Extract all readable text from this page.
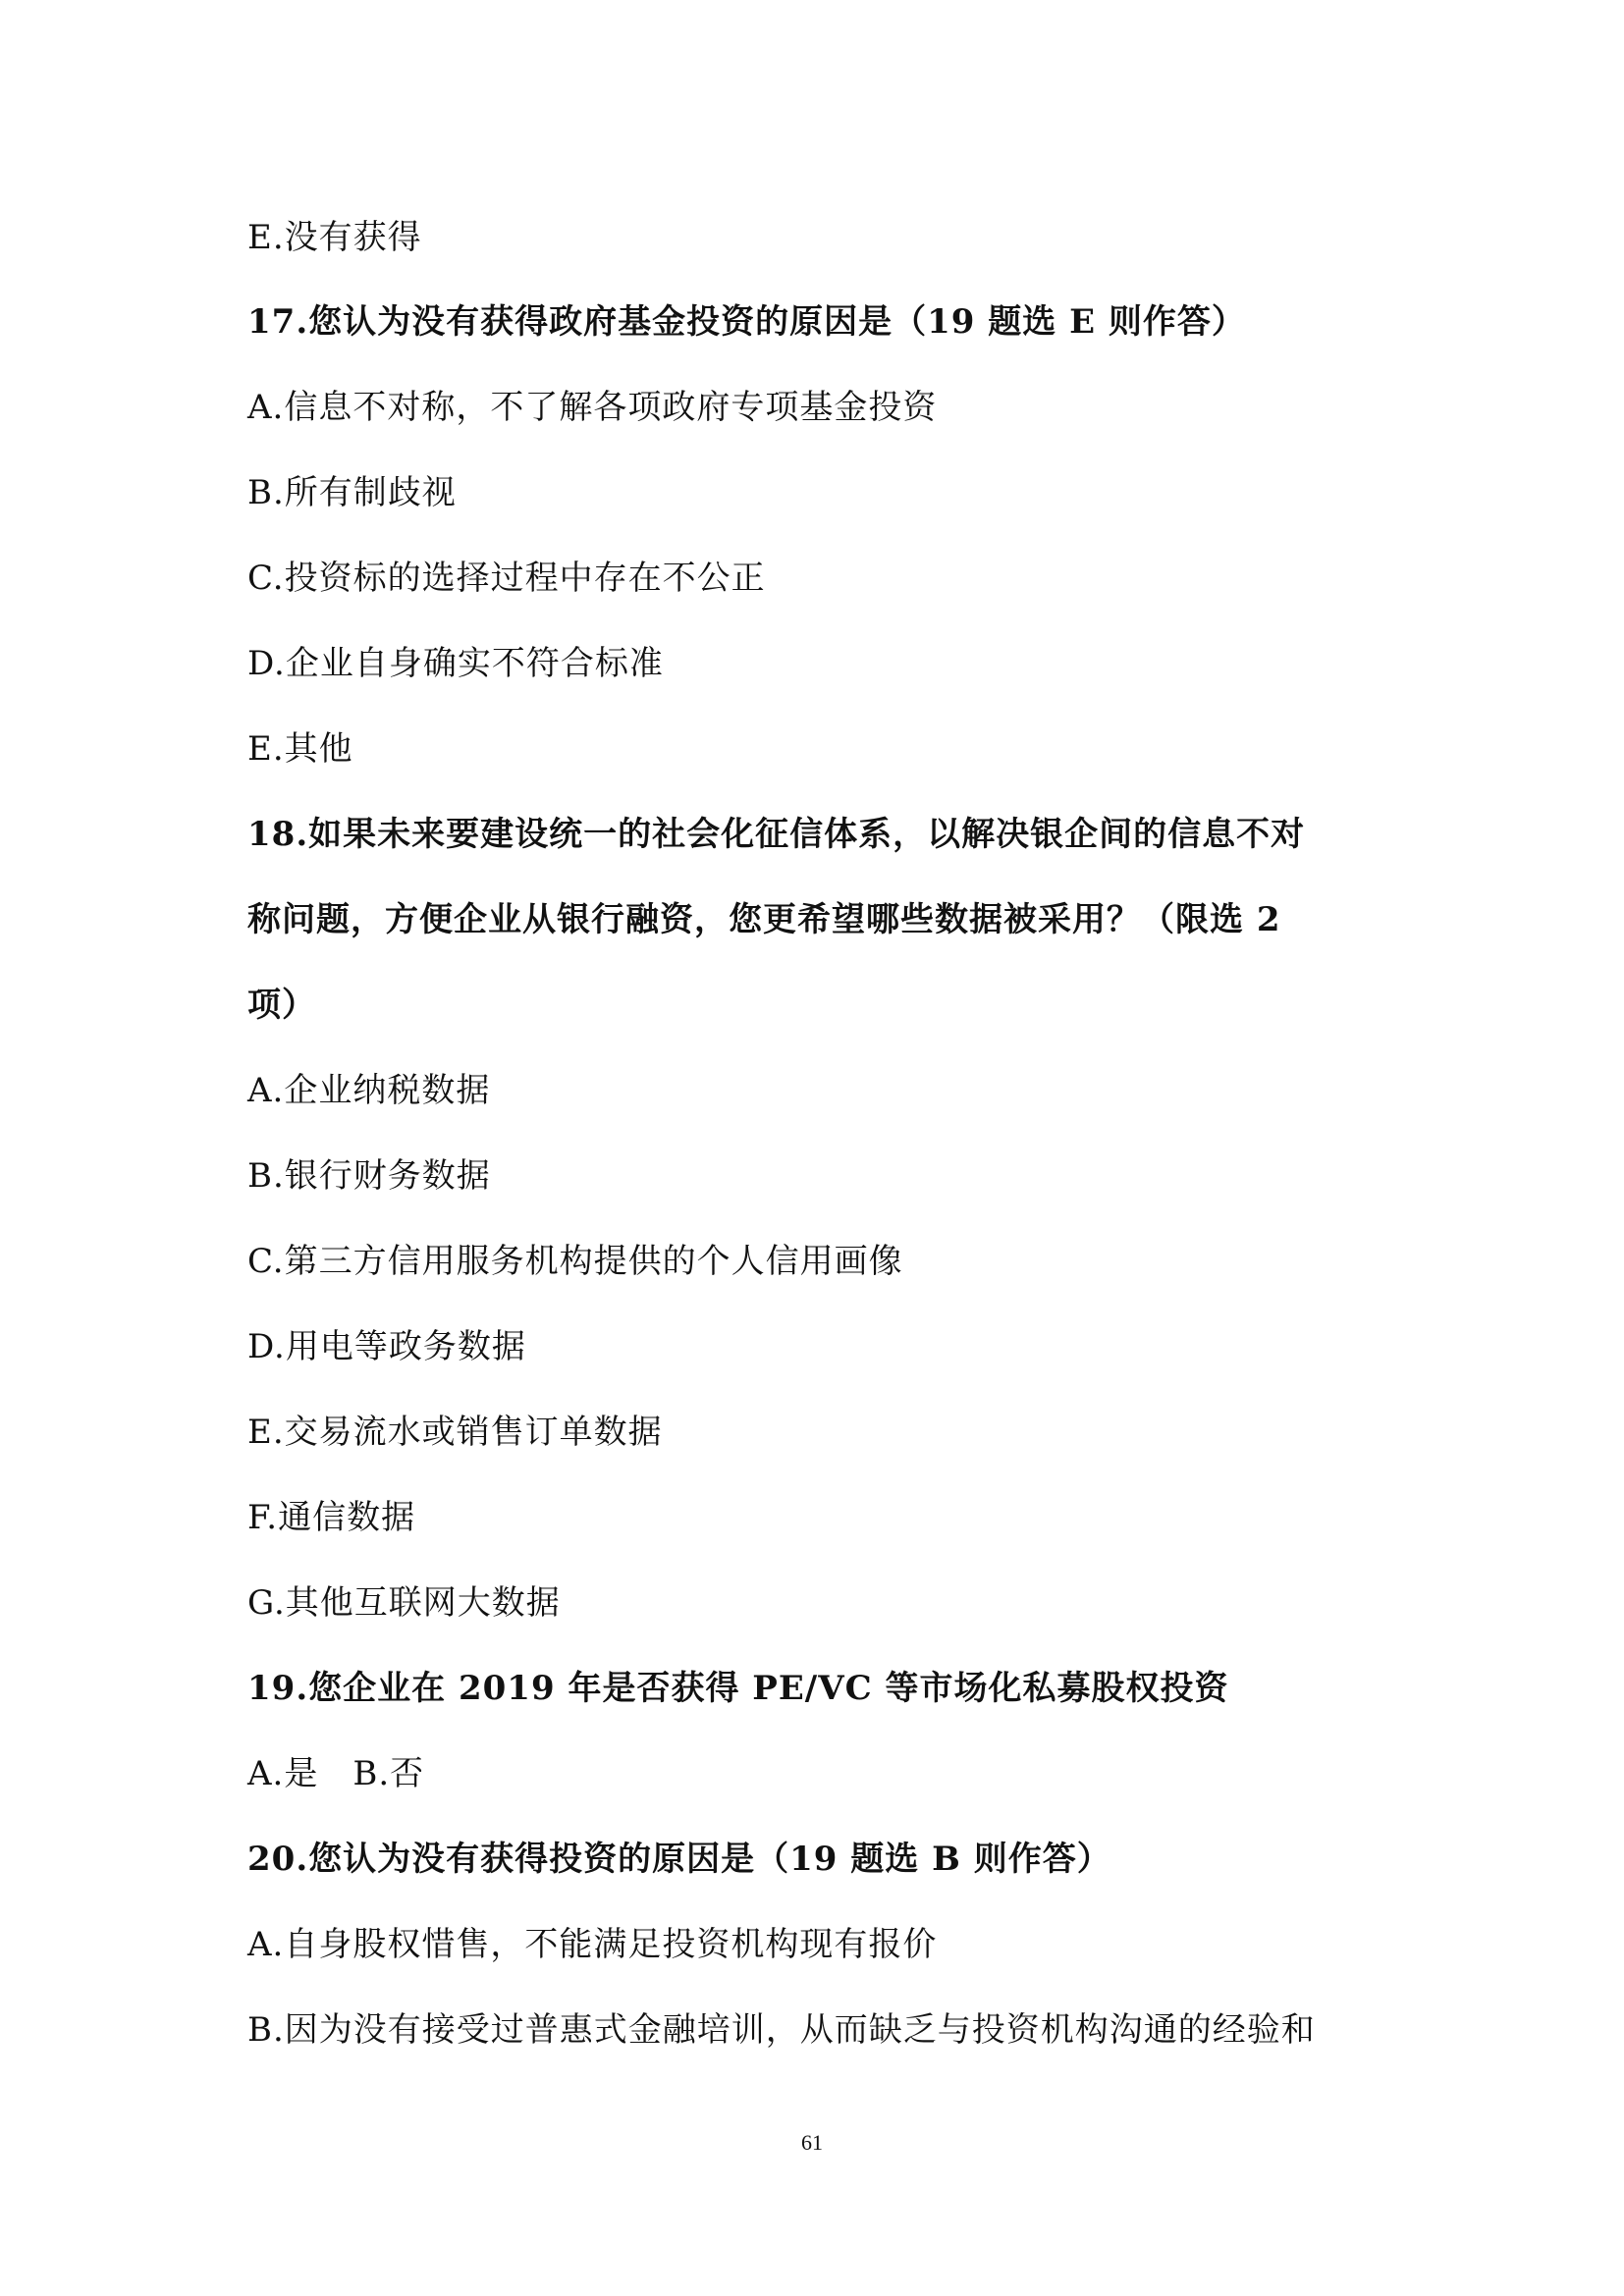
E.没有获得
17.您认为没有获得政府基金投资的原因是（19 题选 E 则作答）
A.信息不对称，不了解各项政府专项基金投资
B.所有制歧视
C.投资标的选择过程中存在不公正
D.企业自身确实不符合标准
E.其他
18.如果未来要建设统一的社会化征信体系，以解决银企间的信息不对
称问题，方便企业从银行融资，您更希望哪些数据被采用？（限选 2
项）
A.企业纳税数据
B.银行财务数据
C.第三方信用服务机构提供的个人信用画像
D.用电等政务数据
E.交易流水或销售订单数据
F.通信数据
G.其他互联网大数据
19.您企业在 2019 年是否获得 PE/VC 等市场化私募股权投资
A.是　B.否
20.您认为没有获得投资的原因是（19 题选 B 则作答）
A.自身股权惜售，不能满足投资机构现有报价
B.因为没有接受过普惠式金融培训，从而缺乏与投资机构沟通的经验和
61
